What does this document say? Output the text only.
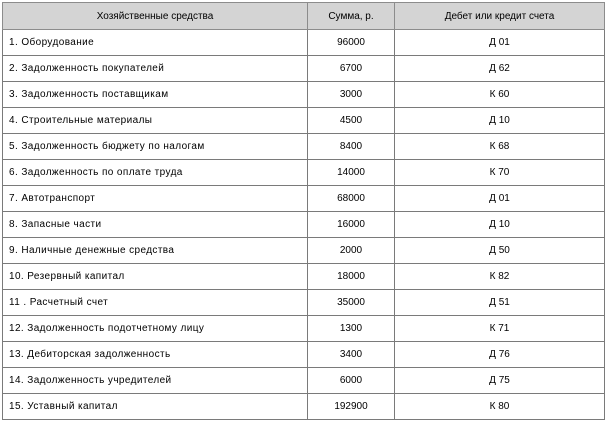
Хозяйственные средства	Сумма, р.	Дебет или кредит счета
1. Оборудование	96000	Д 01
2. Задолженность покупателей	6700	Д 62
3. Задолженность поставщикам	3000	К 60
4. Строительные материалы	4500	Д 10
5. Задолженность бюджету по налогам	8400	К 68
6. Задолженность по оплате труда	14000	К 70
7. Автотранспорт	68000	Д 01
8. Запасные части	16000	Д 10
9. Наличные денежные средства	2000	Д 50
10. Резервный капитал	18000	К 82
11 . Расчетный счет	35000	Д 51
12. Задолженность подотчетному лицу	1300	К 71
13. Дебиторская задолженность	3400	Д 76
14. Задолженность учредителей	6000	Д 75
15. Уставный капитал	192900	К 80
